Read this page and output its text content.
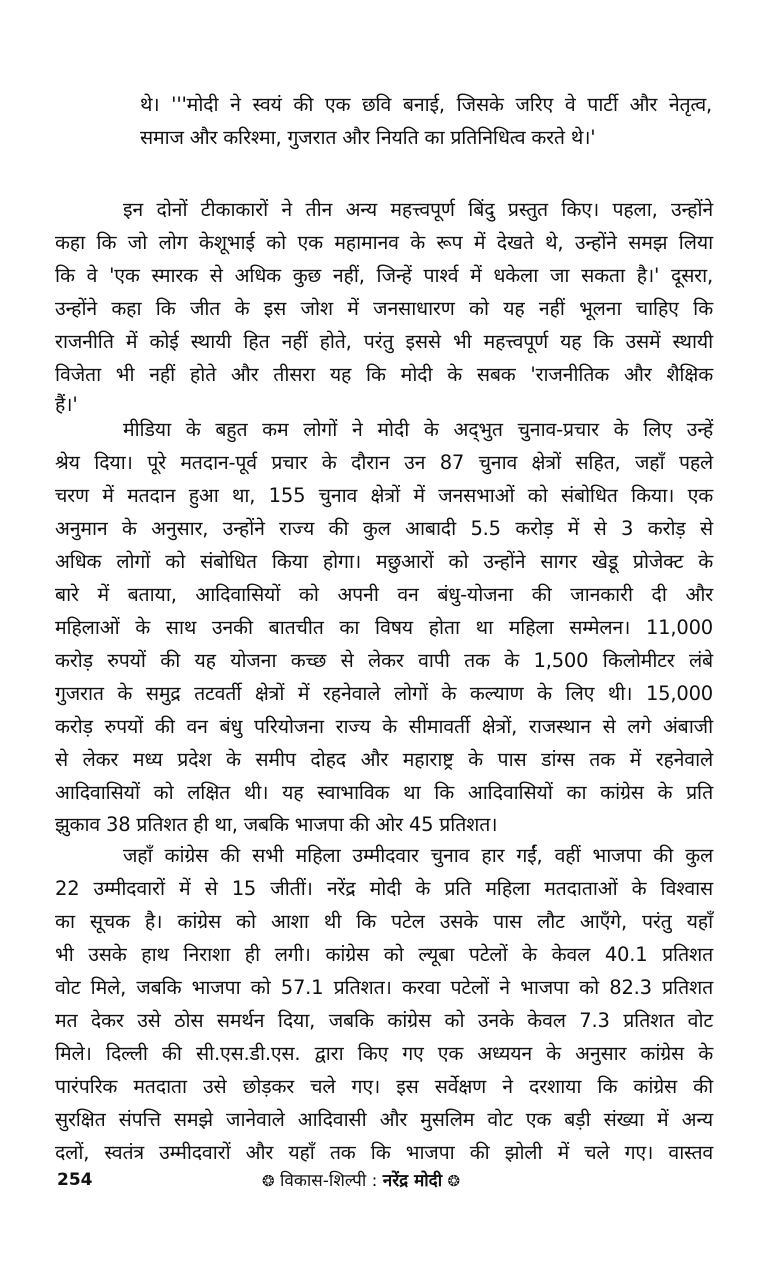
थे। '''मोदी ने स्वयं की एक छवि बनाई, जिसके जरिए वे पार्टी और नेतृत्व,
समाज और करिश्मा, गुजरात और नियति का प्रतिनिधित्व करते थे।'
इन दोनों टीकाकारों ने तीन अन्य महत्त्वपूर्ण बिंदु प्रस्तुत किए। पहला, उन्होंने
कहा कि जो लोग केशूभाई को एक महामानव के रूप में देखते थे, उन्होंने समझ लिया
कि वे 'एक स्मारक से अधिक कुछ नहीं, जिन्हें पार्श्व में धकेला जा सकता है।' दूसरा,
उन्होंने कहा कि जीत के इस जोश में जनसाधारण को यह नहीं भूलना चाहिए कि
राजनीति में कोई स्थायी हित नहीं होते, परंतु इससे भी महत्त्वपूर्ण यह कि उसमें स्थायी
विजेता भी नहीं होते और तीसरा यह कि मोदी के सबक 'राजनीतिक और शैक्षिक
हैं।'
मीडिया के बहुत कम लोगों ने मोदी के अद्‌भुत चुनाव-प्रचार के लिए उन्हें
श्रेय दिया। पूरे मतदान-पूर्व प्रचार के दौरान उन 87 चुनाव क्षेत्रों सहित, जहाँ पहले
चरण में मतदान हुआ था, 155 चुनाव क्षेत्रों में जनसभाओं को संबोधित किया। एक
अनुमान के अनुसार, उन्होंने राज्य की कुल आबादी 5.5 करोड़ में से 3 करोड़ से
अधिक लोगों को संबोधित किया होगा। मछुआरों को उन्होंने सागर खेडू प्रोजेक्ट के
बारे में बताया, आदिवासियों को अपनी वन बंधु-योजना की जानकारी दी और
महिलाओं के साथ उनकी बातचीत का विषय होता था महिला सम्मेलन। 11,000
करोड़ रुपयों की यह योजना कच्छ से लेकर वापी तक के 1,500 किलोमीटर लंबे
गुजरात के समुद्र तटवर्ती क्षेत्रों में रहनेवाले लोगों के कल्याण के लिए थी। 15,000
करोड़ रुपयों की वन बंधु परियोजना राज्य के सीमावर्ती क्षेत्रों, राजस्थान से लगे अंबाजी
से लेकर मध्य प्रदेश के समीप दोहद और महाराष्ट्र के पास डांग्स तक में रहनेवाले
आदिवासियों को लक्षित थी। यह स्वाभाविक था कि आदिवासियों का कांग्रेस के प्रति
झुकाव 38 प्रतिशत ही था, जबकि भाजपा की ओर 45 प्रतिशत।
जहाँ कांग्रेस की सभी महिला उम्मीदवार चुनाव हार गईं, वहीं भाजपा की कुल
22 उम्मीदवारों में से 15 जीतीं। नरेंद्र मोदी के प्रति महिला मतदाताओं के विश्वास
का सूचक है। कांग्रेस को आशा थी कि पटेल उसके पास लौट आएँगे, परंतु यहाँ
भी उसके हाथ निराशा ही लगी। कांग्रेस को ल्यूबा पटेलों के केवल 40.1 प्रतिशत
वोट मिले, जबकि भाजपा को 57.1 प्रतिशत। करवा पटेलों ने भाजपा को 82.3 प्रतिशत
मत देकर उसे ठोस समर्थन दिया, जबकि कांग्रेस को उनके केवल 7.3 प्रतिशत वोट
मिले। दिल्ली की सी.एस.डी.एस. द्वारा किए गए एक अध्ययन के अनुसार कांग्रेस के
पारंपरिक मतदाता उसे छोड़कर चले गए। इस सर्वेक्षण ने दरशाया कि कांग्रेस की
सुरक्षित संपत्ति समझे जानेवाले आदिवासी और मुसलिम वोट एक बड़ी संख्या में अन्य
दलों, स्वतंत्र उम्मीदवारों और यहाँ तक कि भाजपा की झोली में चले गए। वास्तव
254	❂ विकास-शिल्पी : नरेंद्र मोदी ❂
